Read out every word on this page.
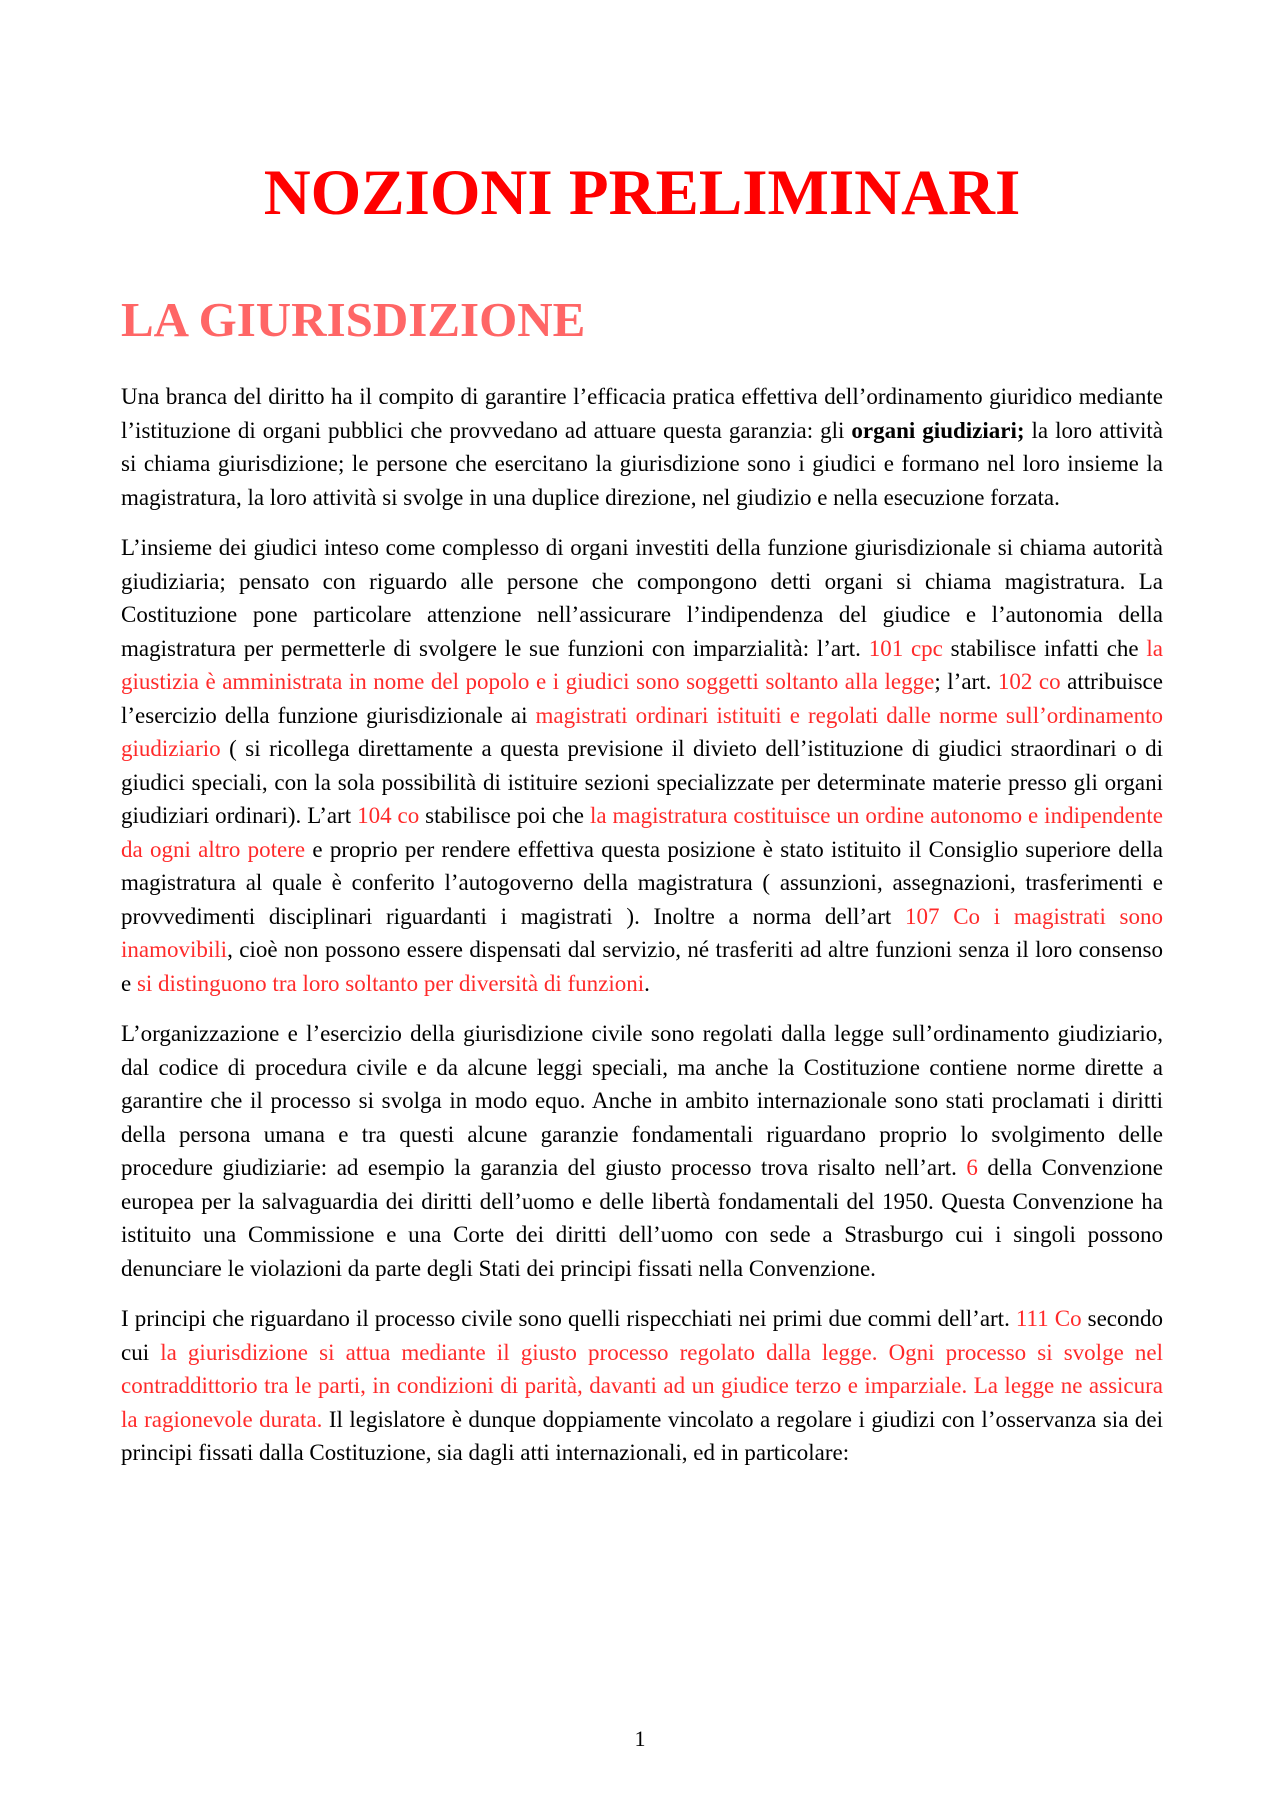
NOZIONI PRELIMINARI
LA GIURISDIZIONE

Una branca del diritto ha il compito di garantire l’efficacia pratica effettiva dell’ordinamento giuridico mediante l’istituzione di organi pubblici che provvedano ad attuare questa garanzia: gli organi giudiziari; la loro attività si chiama giurisdizione; le persone che esercitano la giurisdizione sono i giudici e formano nel loro insieme la magistratura, la loro attività si svolge in una duplice direzione, nel giudizio e nella esecuzione forzata.

L’insieme dei giudici inteso come complesso di organi investiti della funzione giurisdizionale si chiama autorità giudiziaria; pensato con riguardo alle persone che compongono detti organi si chiama magistratura. La Costituzione pone particolare attenzione nell’assicurare l’indipendenza del giudice e l’autonomia della magistratura per permetterle di svolgere le sue funzioni con imparzialità: l’art. 101 cpc stabilisce infatti che la giustizia è amministrata in nome del popolo e i giudici sono soggetti soltanto alla legge; l’art. 102 co attribuisce l’esercizio della funzione giurisdizionale ai magistrati ordinari istituiti e regolati dalle norme sull’ordinamento giudiziario ( si ricollega direttamente a questa previsione il divieto dell’istituzione di giudici straordinari o di giudici speciali, con la sola possibilità di istituire sezioni specializzate per determinate materie presso gli organi giudiziari ordinari). L’art 104 co stabilisce poi che la magistratura costituisce un ordine autonomo e indipendente da ogni altro potere e proprio per rendere effettiva questa posizione è stato istituito il Consiglio superiore della magistratura al quale è conferito l’autogoverno della magistratura ( assunzioni, assegnazioni, trasferimenti e provvedimenti disciplinari riguardanti i magistrati ). Inoltre a norma dell’art 107 Co i magistrati sono inamovibili, cioè non possono essere dispensati dal servizio, né trasferiti ad altre funzioni senza il loro consenso e si distinguono tra loro soltanto per diversità di funzioni.

L’organizzazione e l’esercizio della giurisdizione civile sono regolati dalla legge sull’ordinamento giudiziario, dal codice di procedura civile e da alcune leggi speciali, ma anche la Costituzione contiene norme dirette a garantire che il processo si svolga in modo equo. Anche in ambito internazionale sono stati proclamati i diritti della persona umana e tra questi alcune garanzie fondamentali riguardano proprio lo svolgimento delle procedure giudiziarie: ad esempio la garanzia del giusto processo trova risalto nell’art. 6 della Convenzione europea per la salvaguardia dei diritti dell’uomo e delle libertà fondamentali del 1950. Questa Convenzione ha istituito una Commissione e una Corte dei diritti dell’uomo con sede a Strasburgo cui i singoli possono denunciare le violazioni da parte degli Stati dei principi fissati nella Convenzione.

I principi che riguardano il processo civile sono quelli rispecchiati nei primi due commi dell’art. 111 Co secondo cui la giurisdizione si attua mediante il giusto processo regolato dalla legge. Ogni processo si svolge nel contraddittorio tra le parti, in condizioni di parità, davanti ad un giudice terzo e imparziale. La legge ne assicura la ragionevole durata. Il legislatore è dunque doppiamente vincolato a regolare i giudizi con l’osservanza sia dei principi fissati dalla Costituzione, sia dagli atti internazionali, ed in particolare:

1
